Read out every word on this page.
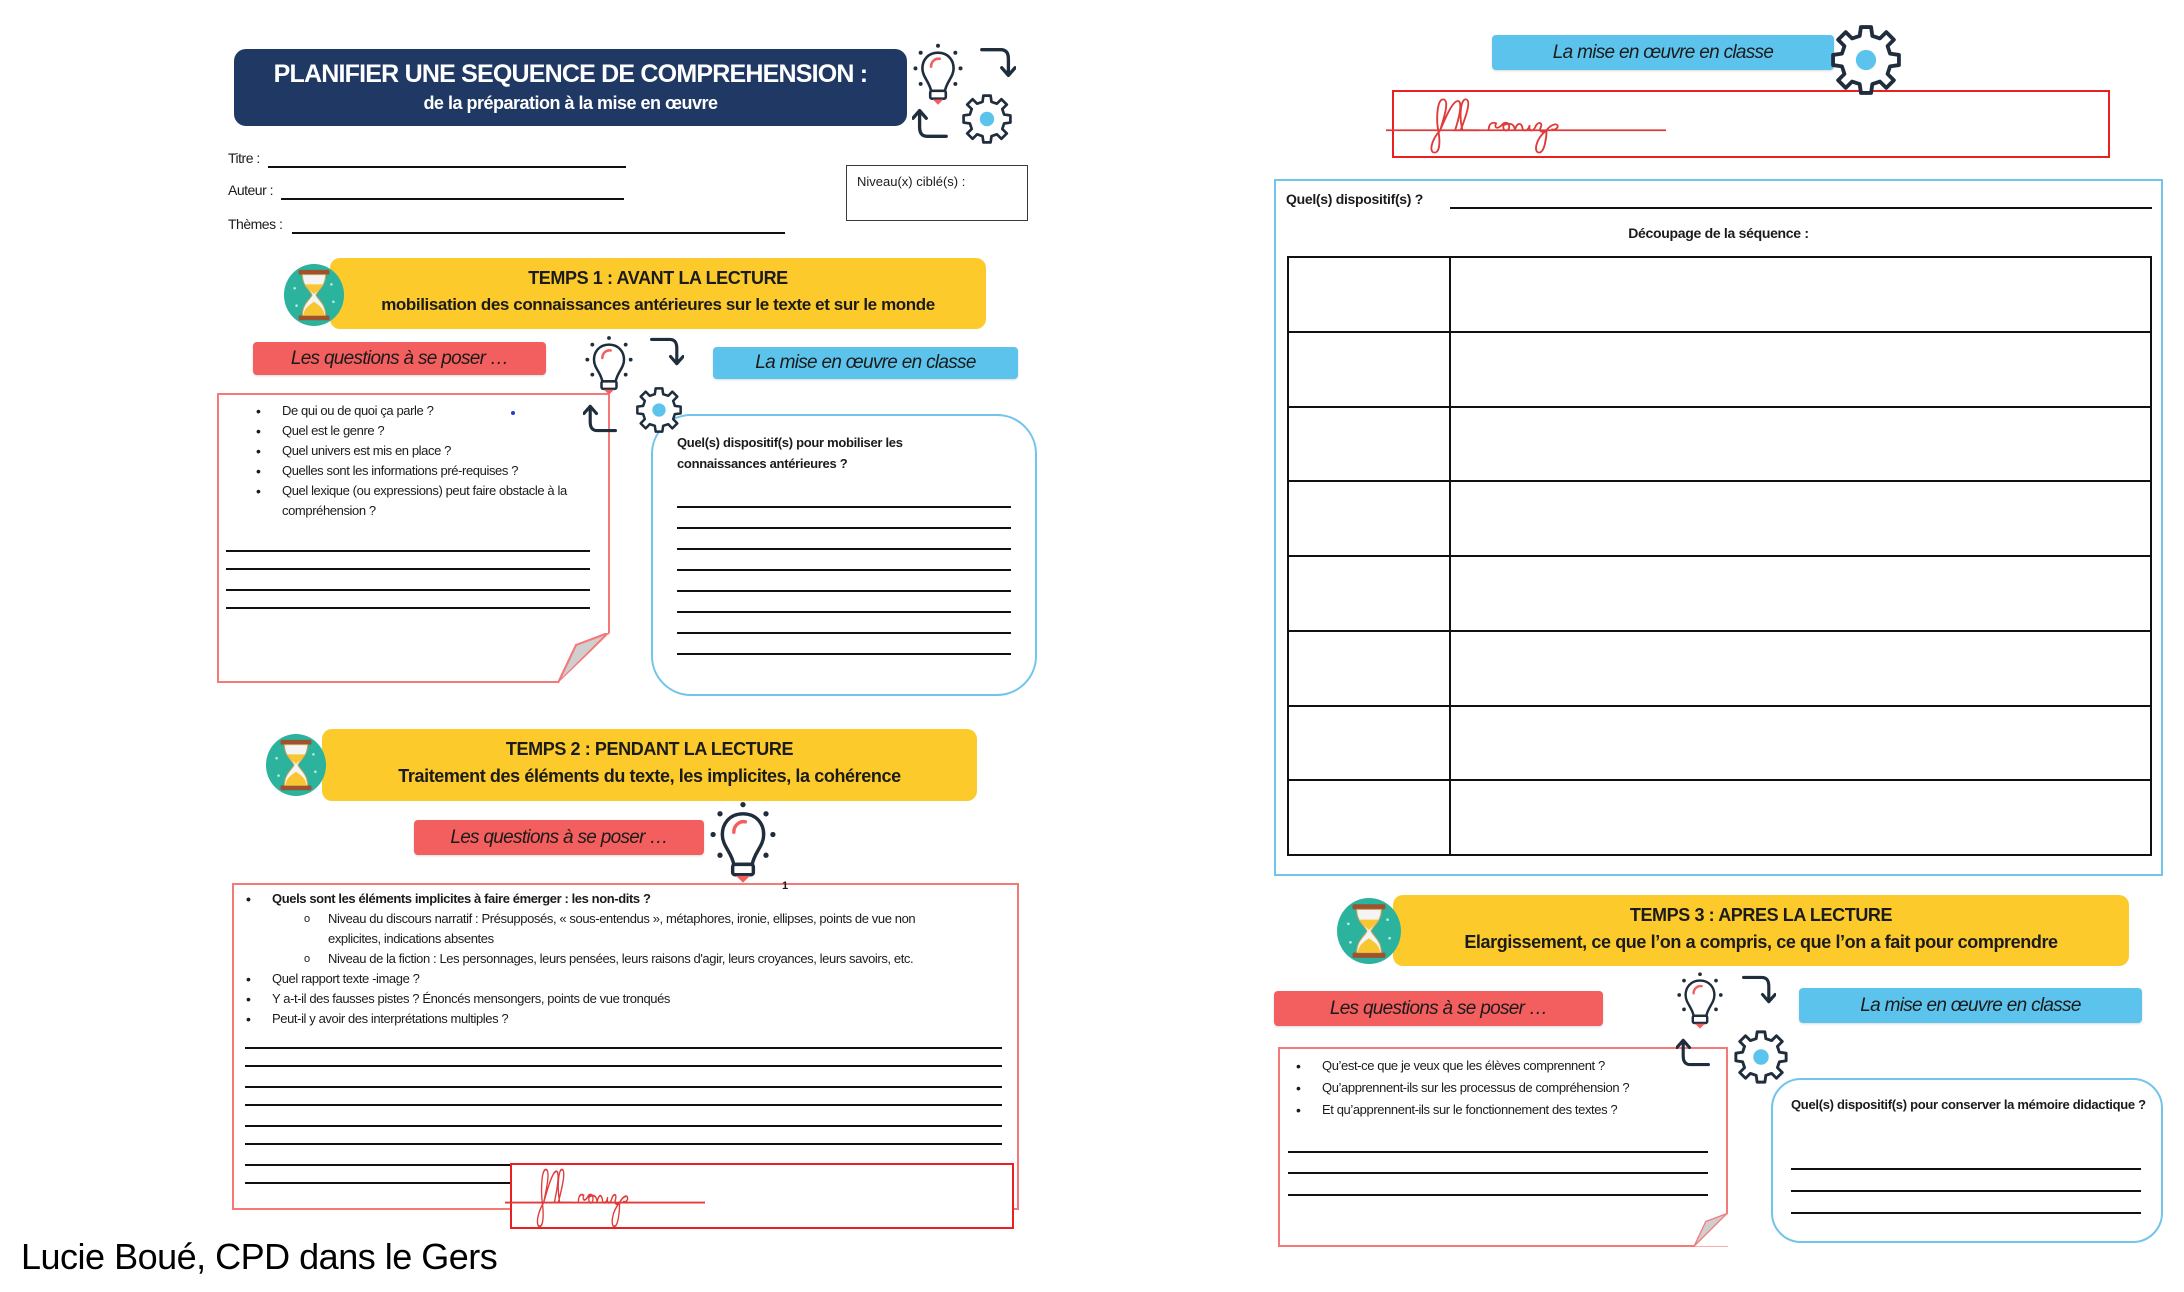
PLANIFIER UNE SEQUENCE DE COMPREHENSION :
de la préparation à la mise en œuvre
Titre :
Auteur :
Thèmes :
Niveau(x) ciblé(s) :
TEMPS 1 : AVANT LA LECTURE
mobilisation des connaissances antérieures sur le texte et sur le monde
Les questions à se poser …	La mise en œuvre en classe
• De qui ou de quoi ça parle ?
• Quel est le genre ?
• Quel univers est mis en place ?
• Quelles sont les informations pré-requises ?
• Quel lexique (ou expressions) peut faire obstacle à la compréhension ?
Quel(s) dispositif(s) pour mobiliser les connaissances antérieures ?
TEMPS 2 : PENDANT LA LECTURE
Traitement des éléments du texte, les implicites, la cohérence
Les questions à se poser …
• Quels sont les éléments implicites à faire émerger : les non-dits ?
o Niveau du discours narratif : Présupposés, « sous-entendus », métaphores, ironie, ellipses, points de vue non explicites, indications absentes
o Niveau de la fiction : Les personnages, leurs pensées, leurs raisons d'agir, leurs croyances, leurs savoirs, etc.
• Quel rapport texte -image ?
• Y a-t-il des fausses pistes ? Énoncés mensongers, points de vue tronqués
• Peut-il y avoir des interprétations multiples ?
1
Lucie Boué, CPD dans le Gers
La mise en œuvre en classe
Quel(s) dispositif(s) ?
Découpage de la séquence :

TEMPS 3 : APRES LA LECTURE
Elargissement, ce que l’on a compris, ce que l’on a fait pour comprendre
Les questions à se poser …	La mise en œuvre en classe
• Qu’est-ce que je veux que les élèves comprennent ?
• Qu’apprennent-ils sur les processus de compréhension ?
• Et qu’apprennent-ils sur le fonctionnement des textes ?	Quel(s) dispositif(s) pour conserver la mémoire didactique ?
